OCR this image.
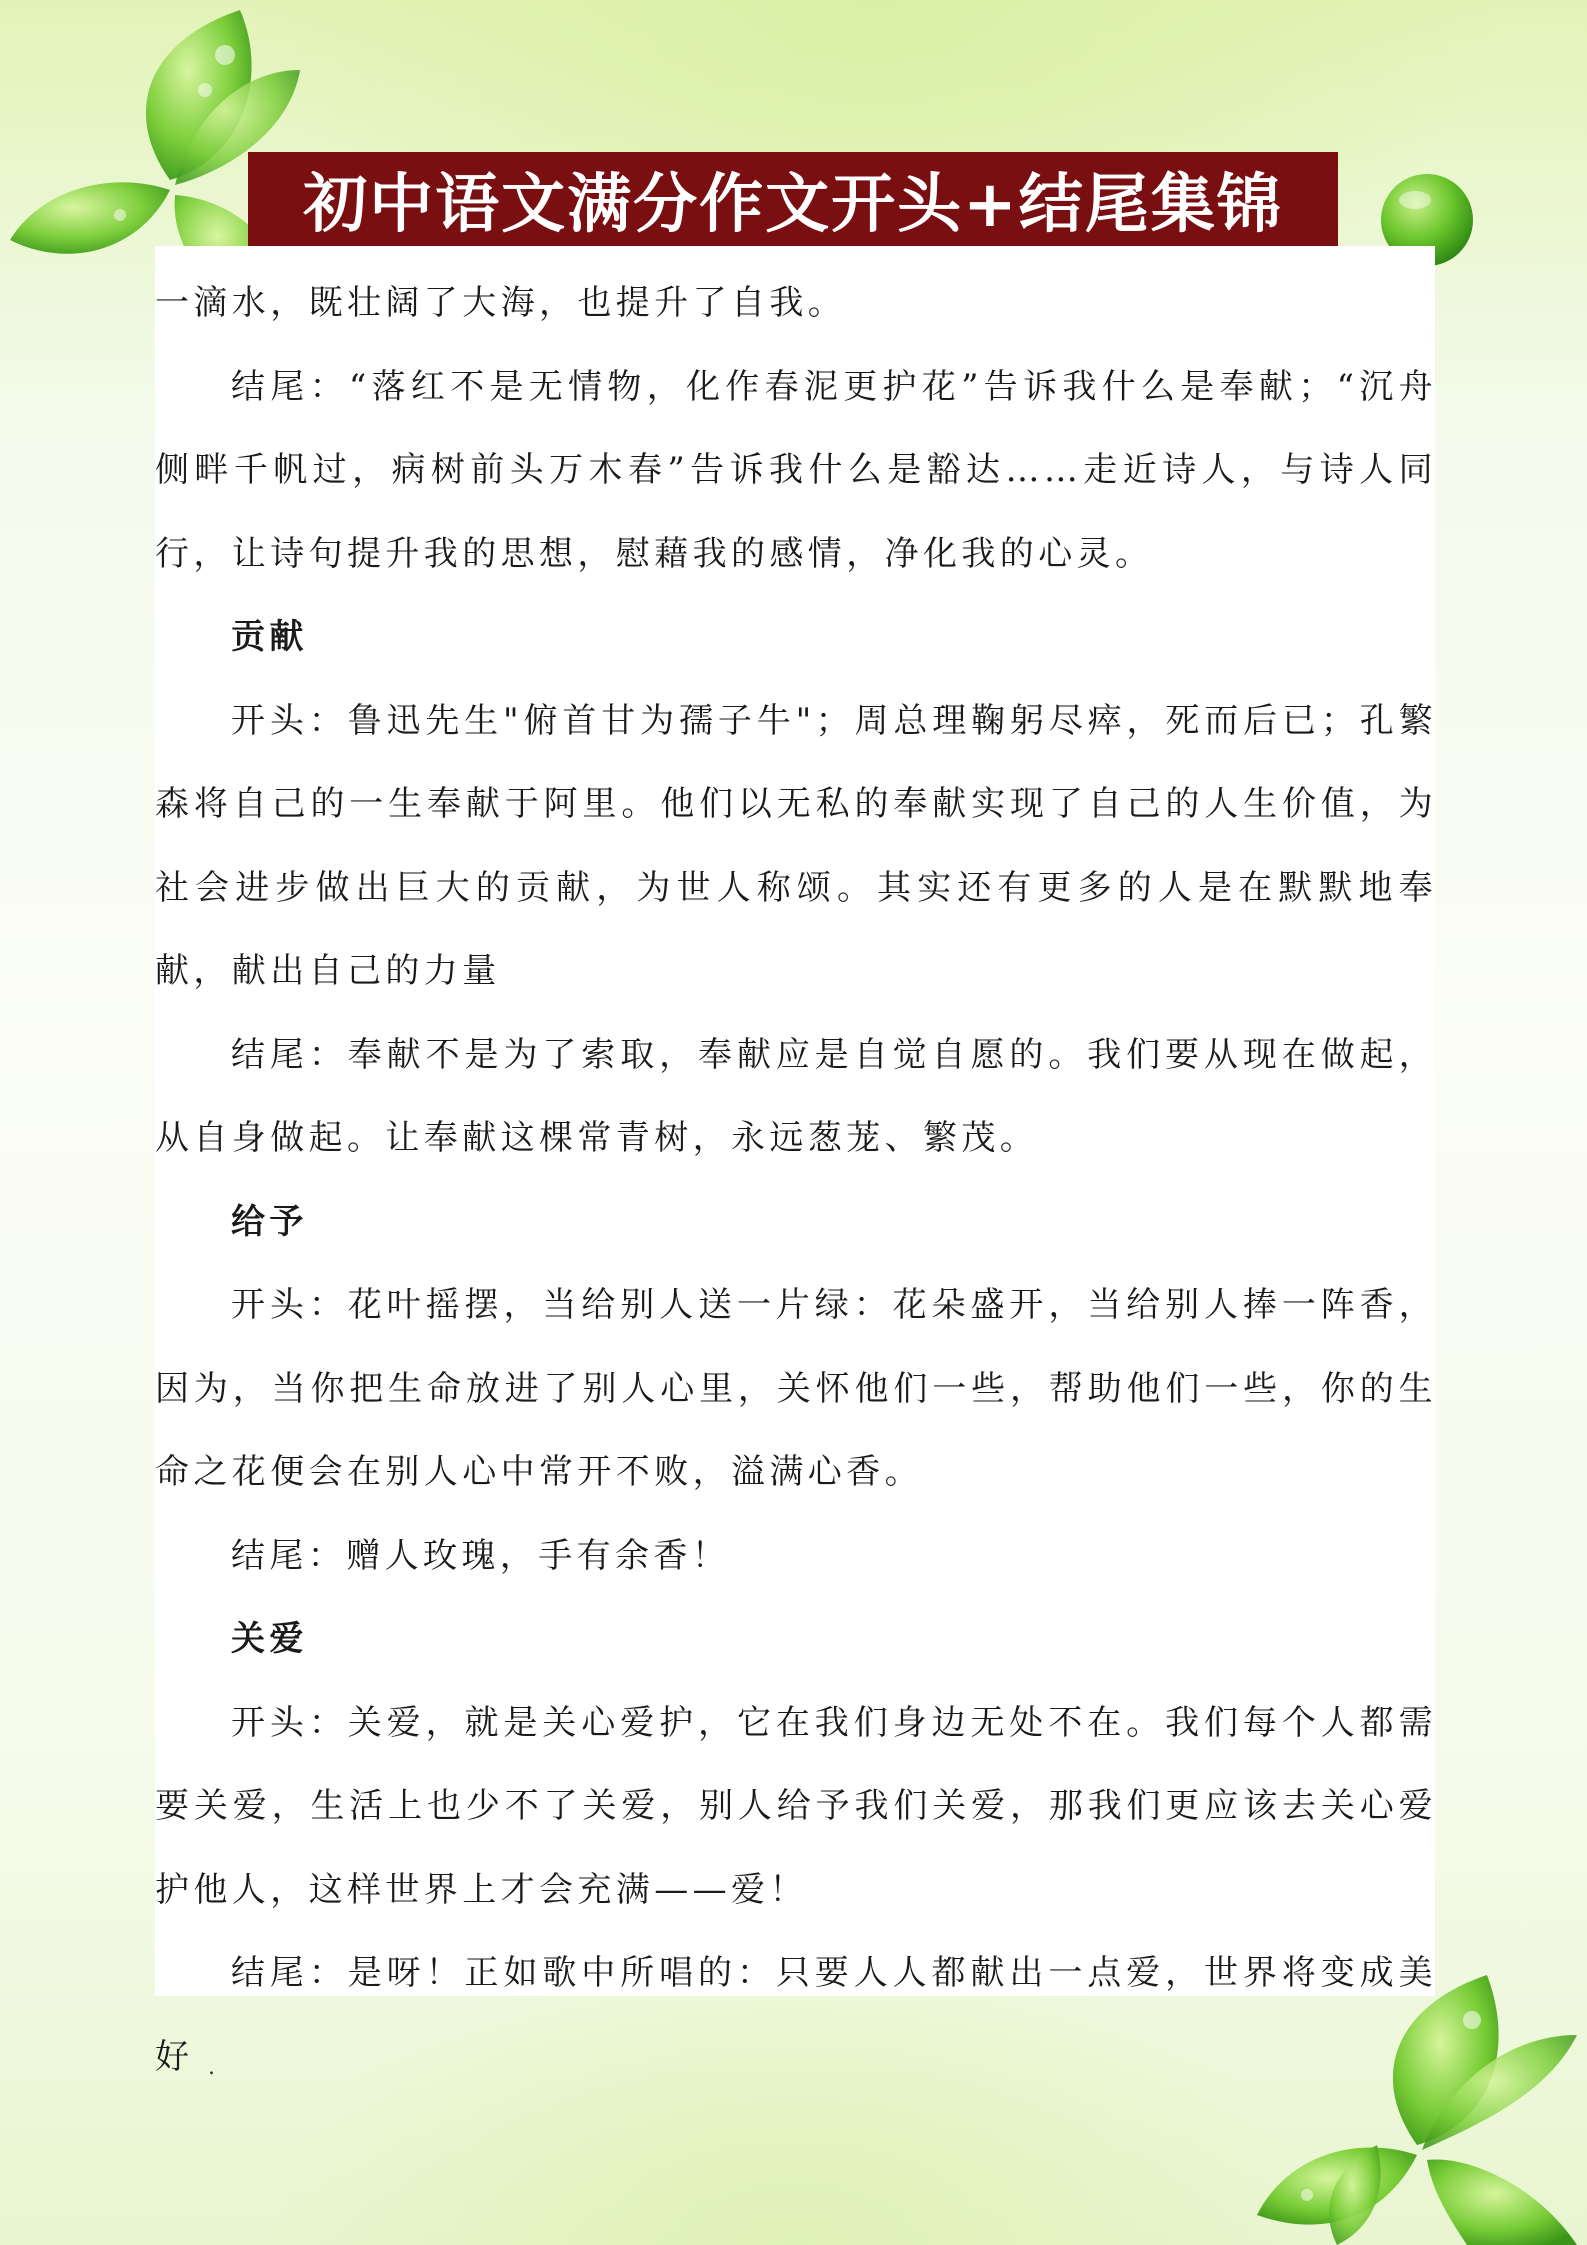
初中语文满分作文开头+结尾集锦

一滴水，既壮阔了大海，也提升了自我。

结尾：“落红不是无情物，化作春泥更护花”告诉我什么是奉献；“沉舟侧畔千帆过，病树前头万木春”告诉我什么是豁达……走近诗人，与诗人同行，让诗句提升我的思想，慰藉我的感情，净化我的心灵。

贡献

开头：鲁迅先生"俯首甘为孺子牛"；周总理鞠躬尽瘁，死而后已；孔繁森将自己的一生奉献于阿里。他们以无私的奉献实现了自己的人生价值，为社会进步做出巨大的贡献，为世人称颂。其实还有更多的人是在默默地奉献，献出自己的力量

结尾：奉献不是为了索取，奉献应是自觉自愿的。我们要从现在做起，从自身做起。让奉献这棵常青树，永远葱茏、繁茂。

给予

开头：花叶摇摆，当给别人送一片绿：花朵盛开，当给别人捧一阵香，因为，当你把生命放进了别人心里，关怀他们一些，帮助他们一些，你的生命之花便会在别人心中常开不败，溢满心香。

结尾：赠人玫瑰，手有余香！

关爱

开头：关爱，就是关心爱护，它在我们身边无处不在。我们每个人都需要关爱，生活上也少不了关爱，别人给予我们关爱，那我们更应该去关心爱护他人，这样世界上才会充满——爱！

结尾：是呀！正如歌中所唱的：只要人人都献出一点爱，世界将变成美好 .
